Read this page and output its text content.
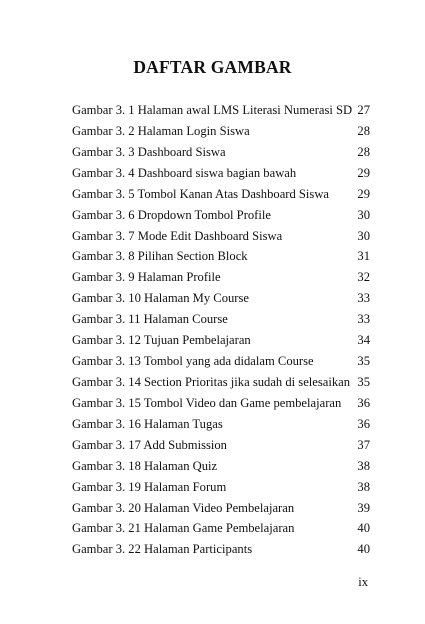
DAFTAR GAMBAR
Gambar 3. 1 Halaman awal LMS Literasi Numerasi SD 27
Gambar 3. 2 Halaman Login Siswa	28
Gambar 3. 3 Dashboard Siswa	28
Gambar 3. 4 Dashboard siswa bagian bawah	29
Gambar 3. 5 Tombol Kanan Atas Dashboard Siswa 29
Gambar 3. 6 Dropdown Tombol Profile	30
Gambar 3. 7 Mode Edit Dashboard Siswa	30
Gambar 3. 8 Pilihan Section Block	31
Gambar 3. 9 Halaman Profile	32
Gambar 3. 10 Halaman My Course	33
Gambar 3. 11 Halaman Course	33
Gambar 3. 12 Tujuan Pembelajaran	34
Gambar 3. 13 Tombol yang ada didalam Course	35
Gambar 3. 14 Section Prioritas jika sudah di selesaikan 35
Gambar 3. 15 Tombol Video dan Game pembelajaran 36
Gambar 3. 16 Halaman Tugas	36
Gambar 3. 17 Add Submission	37
Gambar 3. 18 Halaman Quiz	38
Gambar 3. 19 Halaman Forum	38
Gambar 3. 20 Halaman Video Pembelajaran	39
Gambar 3. 21 Halaman Game Pembelajaran	40
Gambar 3. 22 Halaman Participants	40
ix
